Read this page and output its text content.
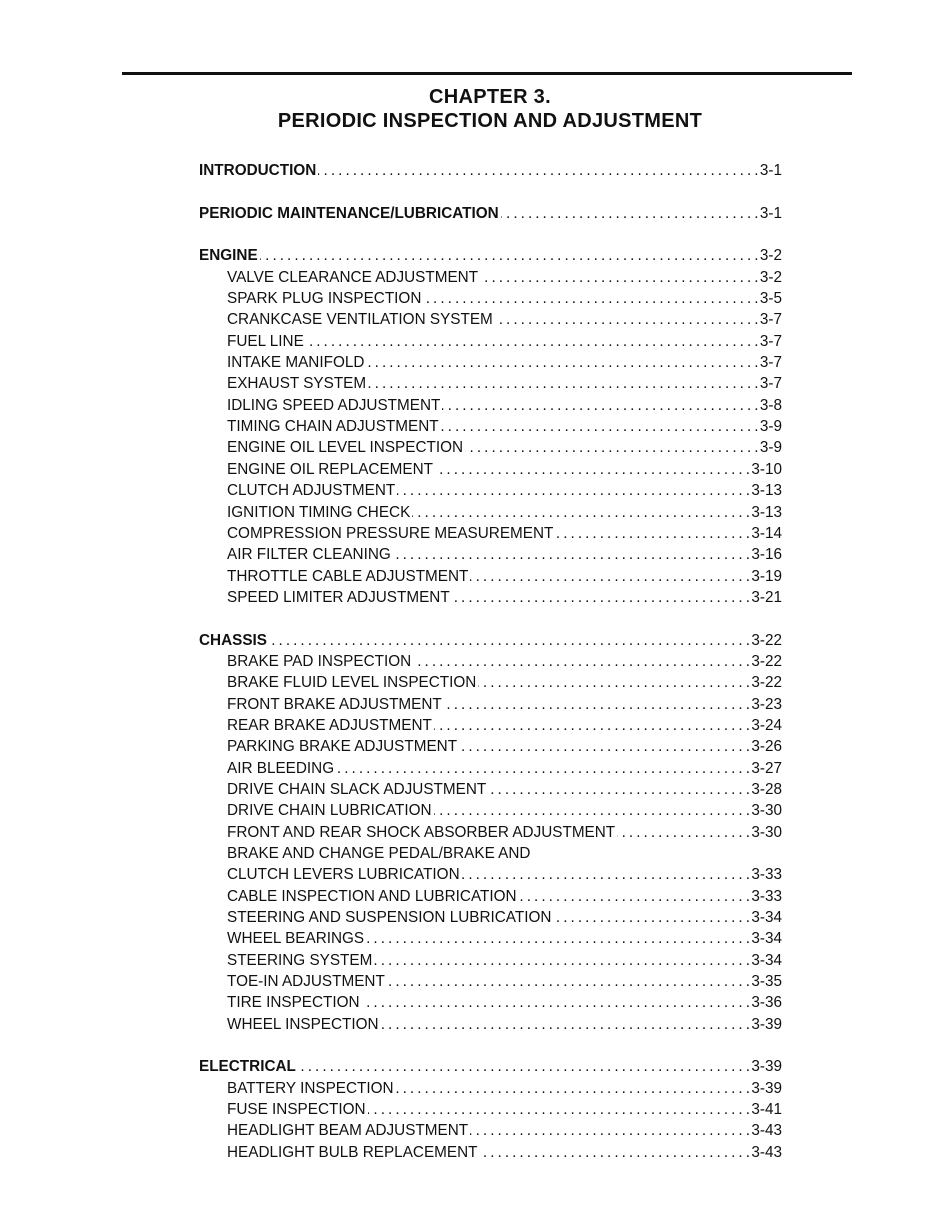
CHAPTER 3.
PERIODIC INSPECTION AND ADJUSTMENT
INTRODUCTION . . .	3-1
PERIODIC MAINTENANCE/LUBRICATION . . .	3-1
ENGINE . . .	3-2
VALVE CLEARANCE ADJUSTMENT . . .	3-2
SPARK PLUG INSPECTION . . .	3-5
CRANKCASE VENTILATION SYSTEM . . .	3-7
FUEL LINE . . .	3-7
INTAKE MANIFOLD . . .	3-7
EXHAUST SYSTEM . . .	3-7
IDLING SPEED ADJUSTMENT . . .	3-8
TIMING CHAIN ADJUSTMENT . . .	3-9
ENGINE OIL LEVEL INSPECTION . . .	3-9
ENGINE OIL REPLACEMENT . . .	3-10
CLUTCH ADJUSTMENT . . .	3-13
IGNITION TIMING CHECK . . .	3-13
COMPRESSION PRESSURE MEASUREMENT . . .	3-14
AIR FILTER CLEANING . . .	3-16
THROTTLE CABLE ADJUSTMENT . . .	3-19
SPEED LIMITER ADJUSTMENT . . .	3-21
CHASSIS . . .	3-22
BRAKE PAD INSPECTION . . .	3-22
BRAKE FLUID LEVEL INSPECTION . . .	3-22
FRONT BRAKE ADJUSTMENT . . .	3-23
REAR BRAKE ADJUSTMENT . . .	3-24
PARKING BRAKE ADJUSTMENT . . .	3-26
AIR BLEEDING . . .	3-27
DRIVE CHAIN SLACK ADJUSTMENT . . .	3-28
DRIVE CHAIN LUBRICATION . . .	3-30
FRONT AND REAR SHOCK ABSORBER ADJUSTMENT . . .	3-30
BRAKE AND CHANGE PEDAL/BRAKE AND
CLUTCH LEVERS LUBRICATION . . .	3-33
CABLE INSPECTION AND LUBRICATION . . .	3-33
STEERING AND SUSPENSION LUBRICATION . . .	3-34
WHEEL BEARINGS . . .	3-34
STEERING SYSTEM . . .	3-34
TOE-IN ADJUSTMENT . . .	3-35
TIRE INSPECTION . . .	3-36
WHEEL INSPECTION . . .	3-39
ELECTRICAL . . .	3-39
BATTERY INSPECTION . . .	3-39
FUSE INSPECTION . . .	3-41
HEADLIGHT BEAM ADJUSTMENT . . .	3-43
HEADLIGHT BULB REPLACEMENT . . .	3-43
